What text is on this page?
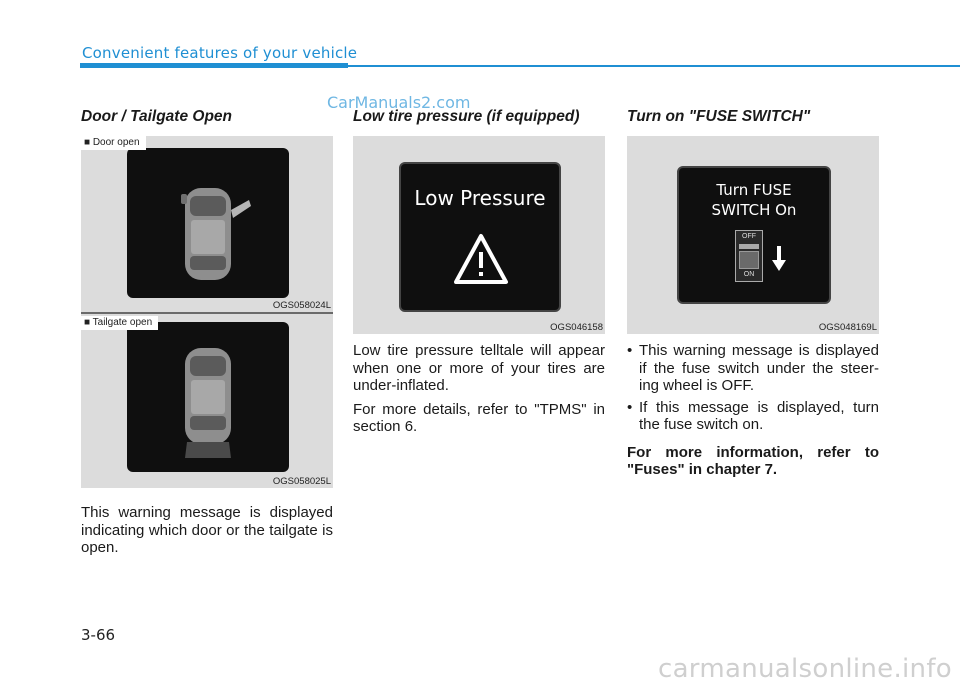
Convenient features of your vehicle
CarManuals2.com
Door / Tailgate Open
■ Door open
OGS058024L
■ Tailgate open
OGS058025L
This warning message is displayed indicating which door or the tailgate is open.
Low tire pressure (if equipped)
Low Pressure
OGS046158
Low tire pressure telltale will appear when one or more of your tires are under-inflated.
For more details, refer to "TPMS" in section 6.
Turn on "FUSE SWITCH"
Turn FUSE
SWITCH On
OFF
ON
OGS048169L
• This warning message is displayed if the fuse switch under the steer-ing wheel is OFF.
• If this message is displayed, turn the fuse switch on.
For more information, refer to "Fuses" in chapter 7.
3-66
carmanualsonline.info
